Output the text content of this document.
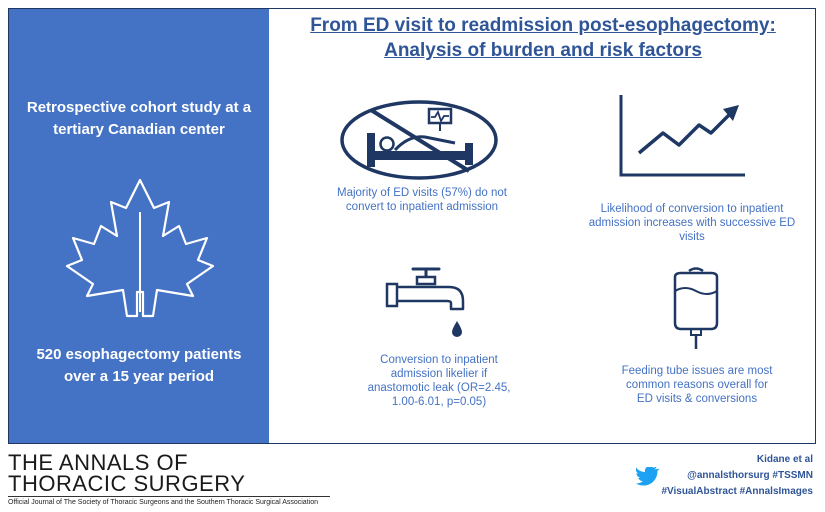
Retrospective cohort study at a

tertiary Canadian center

520 esophagectomy patients

over a 15 year period

From ED visit to readmission post-esophagectomy:
Analysis of burden and risk factors

Majority of ED visits (57%) do not
convert to inpatient admission	Likelihood of conversion to inpatient
admission increases with successive ED
visits

Conversion to inpatient
admission likelier if
anastomotic leak (OR=2.45,
1.00-6.01, p=0.05)

Feeding tube issues are most
common reasons overall for
ED visits & conversions

THE ANNALS OF

THORACIC SURGERY

Official Journal of The Society of Thoracic Surgeons and the Southern Thoracic Surgical Association

Kidane et al
@annalsthorsurg #TSSMN
#VisualAbstract #AnnalsImages
